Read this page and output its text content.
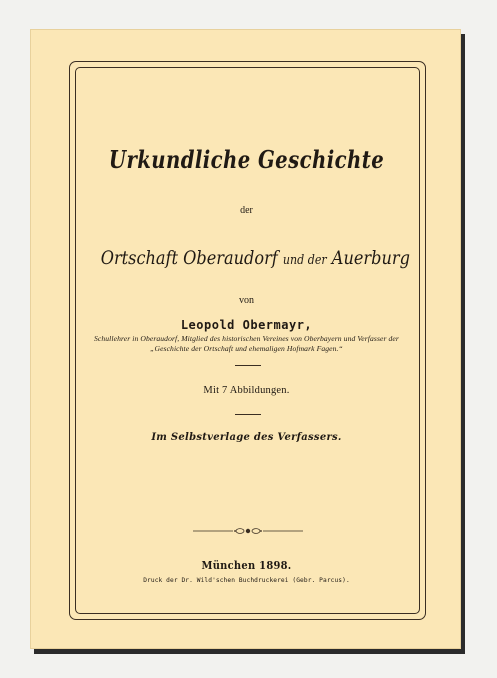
Urkundliche Geschichte
der
Ortschaft Oberaudorf und der Auerburg
von
Leopold Obermayr,
Schullehrer in Oberaudorf, Mitglied des historischen Vereines von Oberbayern und Verfasser der
„Geschichte der Ortschaft und ehemaligen Hofmark Fagen.“
Mit 7 Abbildungen.
Im Selbstverlage des Verfassers.
München 1898.
Druck der Dr. Wild'schen Buchdruckerei (Gebr. Parcus).
